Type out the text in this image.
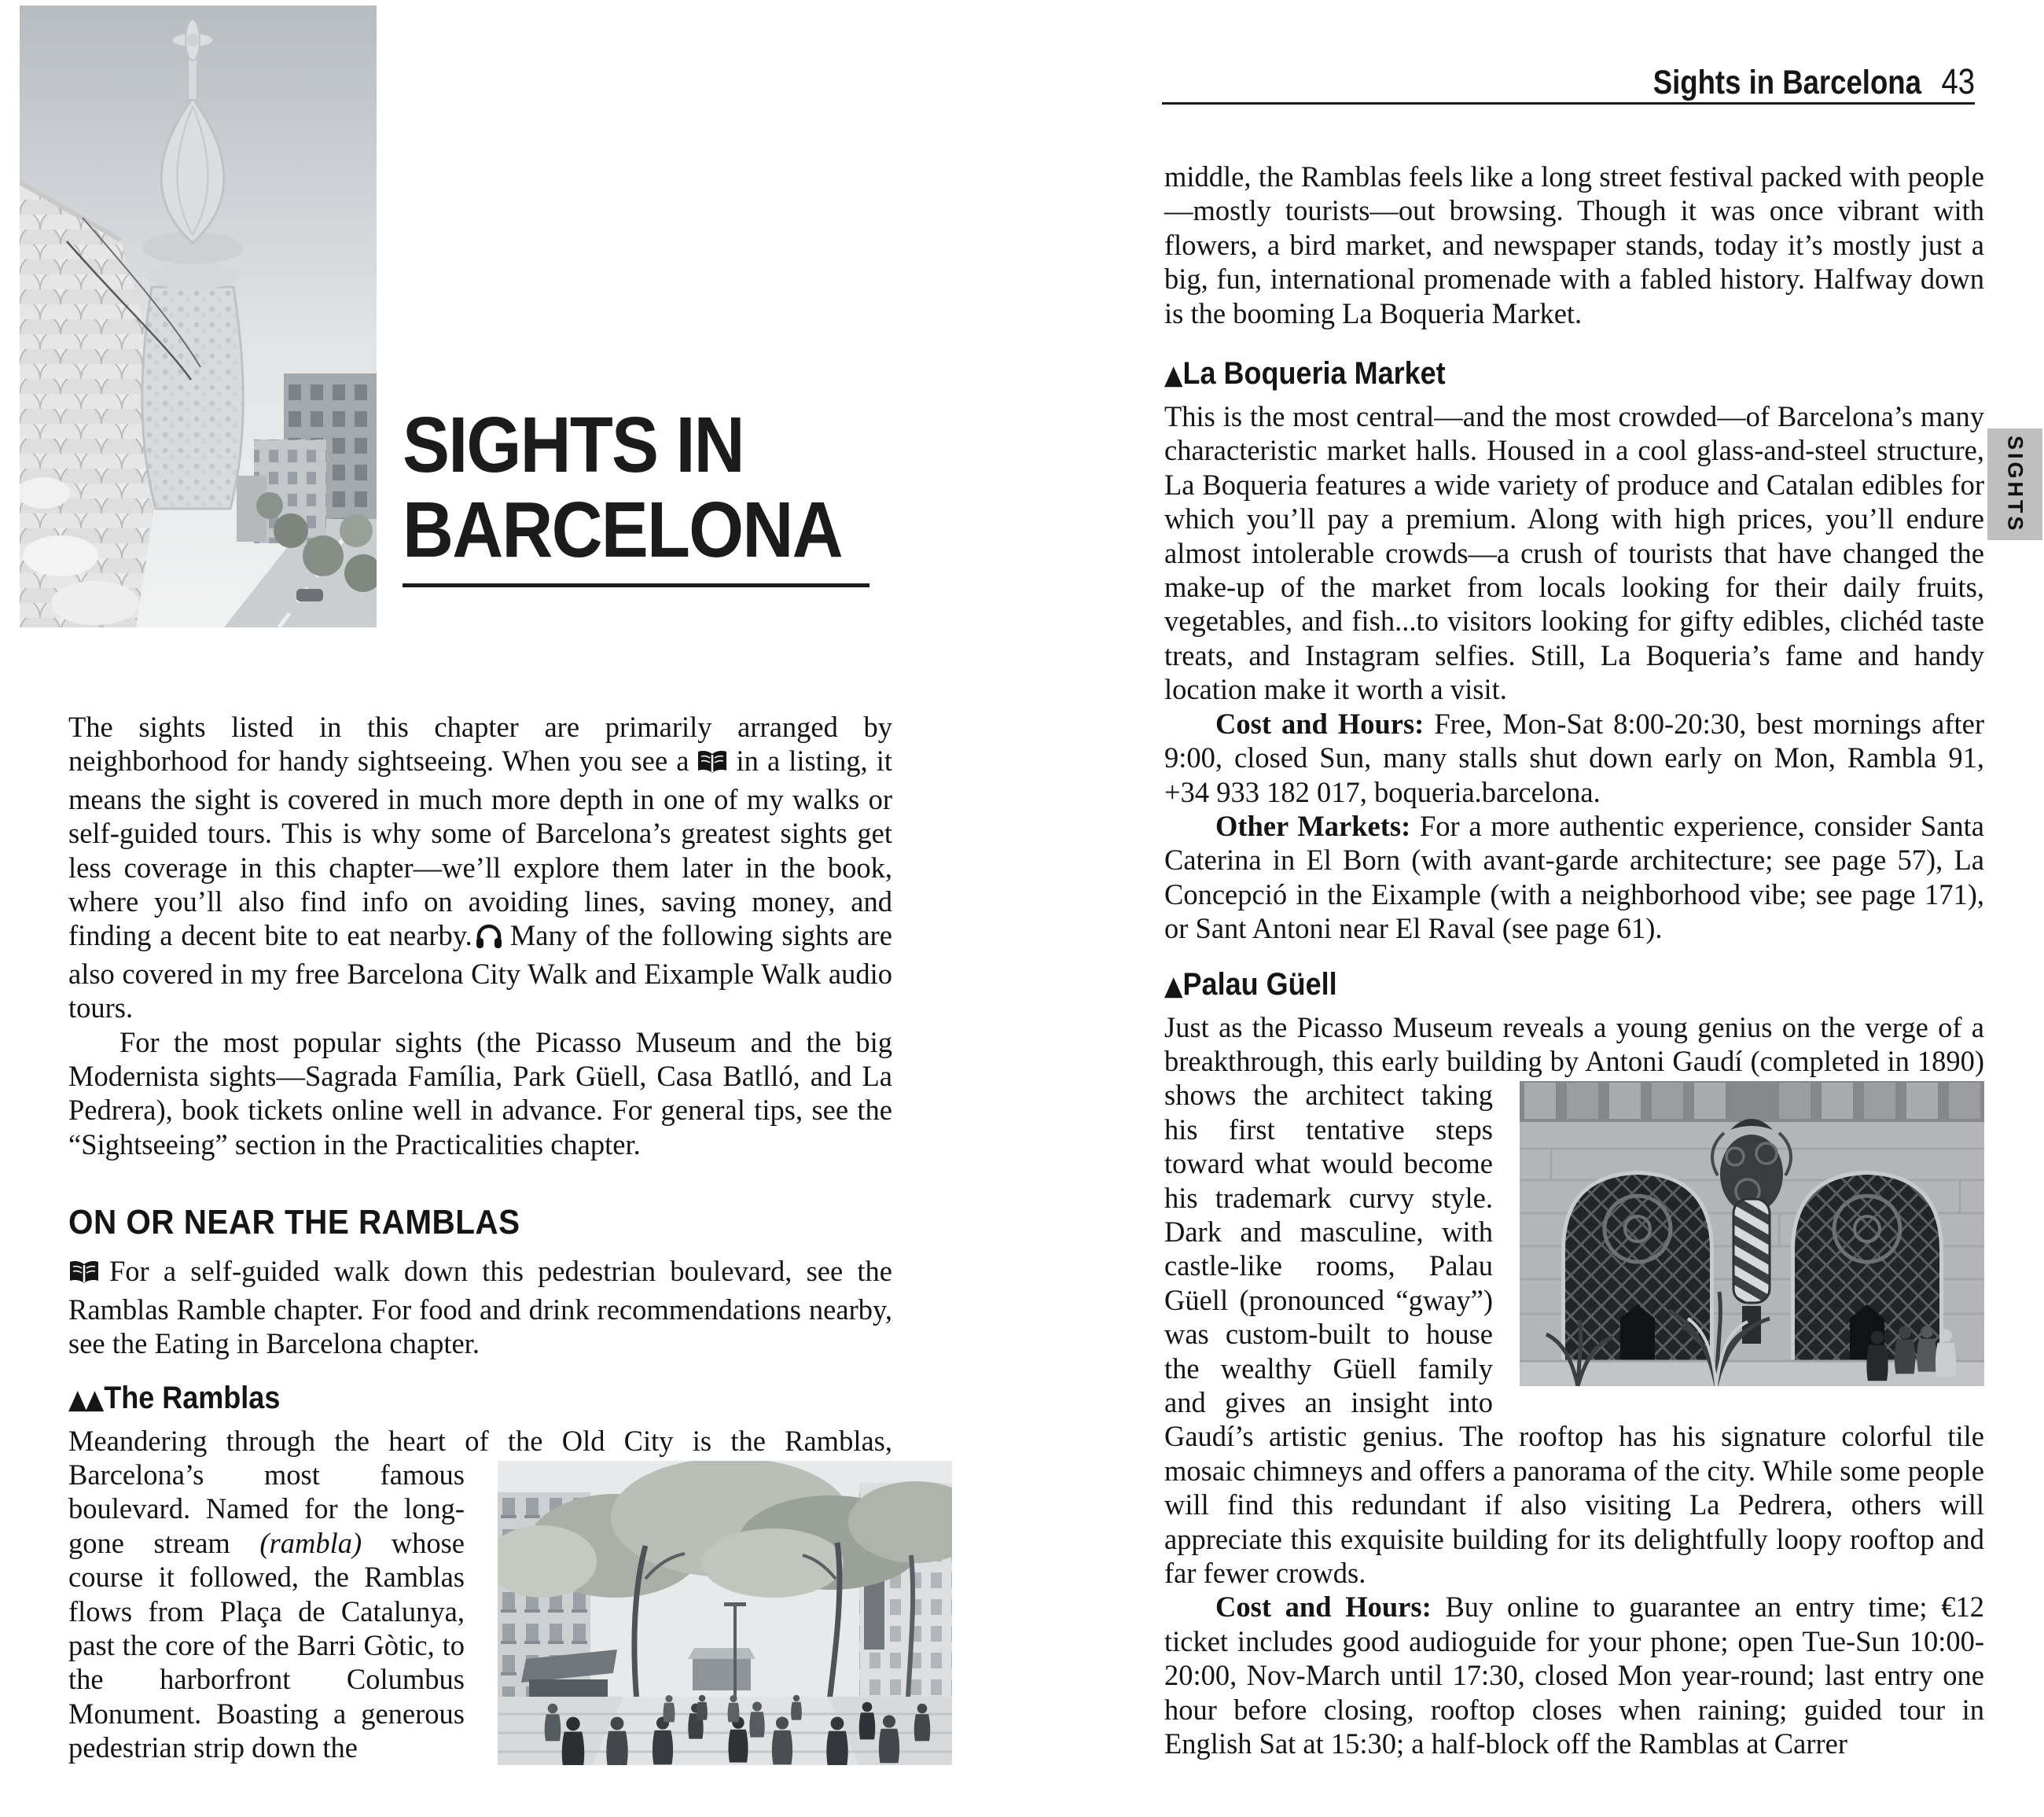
SIGHTS IN
BARCELONA
Sights in Barcelona 43
SIGHTS

The sights listed in this chapter are primarily arranged by neighborhood for handy sightseeing. When you see a in a listing, it means the sight is covered in much more depth in one of my walks or self-guided tours. This is why some of Barcelona’s greatest sights get less coverage in this chapter—we’ll explore them later in the book, where you’ll also find info on avoiding lines, saving money, and finding a decent bite to eat nearby. Many of the following sights are also covered in my free Barcelona City Walk and Eixample Walk audio tours.

For the most popular sights (the Picasso Museum and the big Modernista sights—Sagrada Família, Park Güell, Casa Batlló, and La Pedrera), book tickets online well in advance. For general tips, see the “Sightseeing” section in the Practicalities chapter.

ON OR NEAR THE RAMBLAS

For a self-guided walk down this pedestrian boulevard, see the Ramblas Ramble chapter. For food and drink recommendations nearby, see the Eating in Barcelona chapter.

▲▲The Ramblas

Meandering through the heart of the Old City is the Ramblas,
Barcelona’s most famous boulevard. Named for the long-gone stream (rambla) whose course it followed, the Ramblas flows from Plaça de Catalunya, past the core of the Barri Gòtic, to the harborfront Columbus Monument. Boasting a generous pedestrian strip down the

middle, the Ramblas feels like a long street festival packed with people—mostly tourists—out browsing. Though it was once vibrant with flowers, a bird market, and newspaper stands, today it’s mostly just a big, fun, international promenade with a fabled history. Halfway down is the booming La Boqueria Market.

▲La Boqueria Market

This is the most central—and the most crowded—of Barcelona’s many characteristic market halls. Housed in a cool glass-and-steel structure, La Boqueria features a wide variety of produce and Catalan edibles for which you’ll pay a premium. Along with high prices, you’ll endure almost intolerable crowds—a crush of tourists that have changed the make-up of the market from locals looking for their daily fruits, vegetables, and fish...to visitors looking for gifty edibles, clichéd taste treats, and Instagram selfies. Still, La Boqueria’s fame and handy location make it worth a visit.

Cost and Hours: Free, Mon-Sat 8:00-20:30, best mornings after 9:00, closed Sun, many stalls shut down early on Mon, Rambla 91, +34 933 182 017, boqueria.barcelona.

Other Markets: For a more authentic experience, consider Santa Caterina in El Born (with avant-garde architecture; see page 57), La Concepció in the Eixample (with a neighborhood vibe; see page 171), or Sant Antoni near El Raval (see page 61).

▲Palau Güell

Just as the Picasso Museum reveals a young genius on the verge of a breakthrough, this early building by Antoni Gaudí (completed in
1890) shows the architect taking his first tentative steps toward what would become his trademark curvy style. Dark and masculine, with castle-like rooms, Palau Güell (pronounced “gway”) was custom-built to house the wealthy Güell family and gives an insight into Gaudí’s artistic genius. The rooftop has his signature colorful tile mosaic chimneys and offers a panorama of the city. While some people will find this redundant if also visiting La Pedrera, others will appreciate this exquisite building for its delightfully loopy rooftop and far fewer crowds.

Cost and Hours: Buy online to guarantee an entry time; €12 ticket includes good audioguide for your phone; open Tue-Sun 10:00-20:00, Nov-March until 17:30, closed Mon year-round; last entry one hour before closing, rooftop closes when raining; guided tour in English Sat at 15:30; a half-block off the Ramblas at Carrer
